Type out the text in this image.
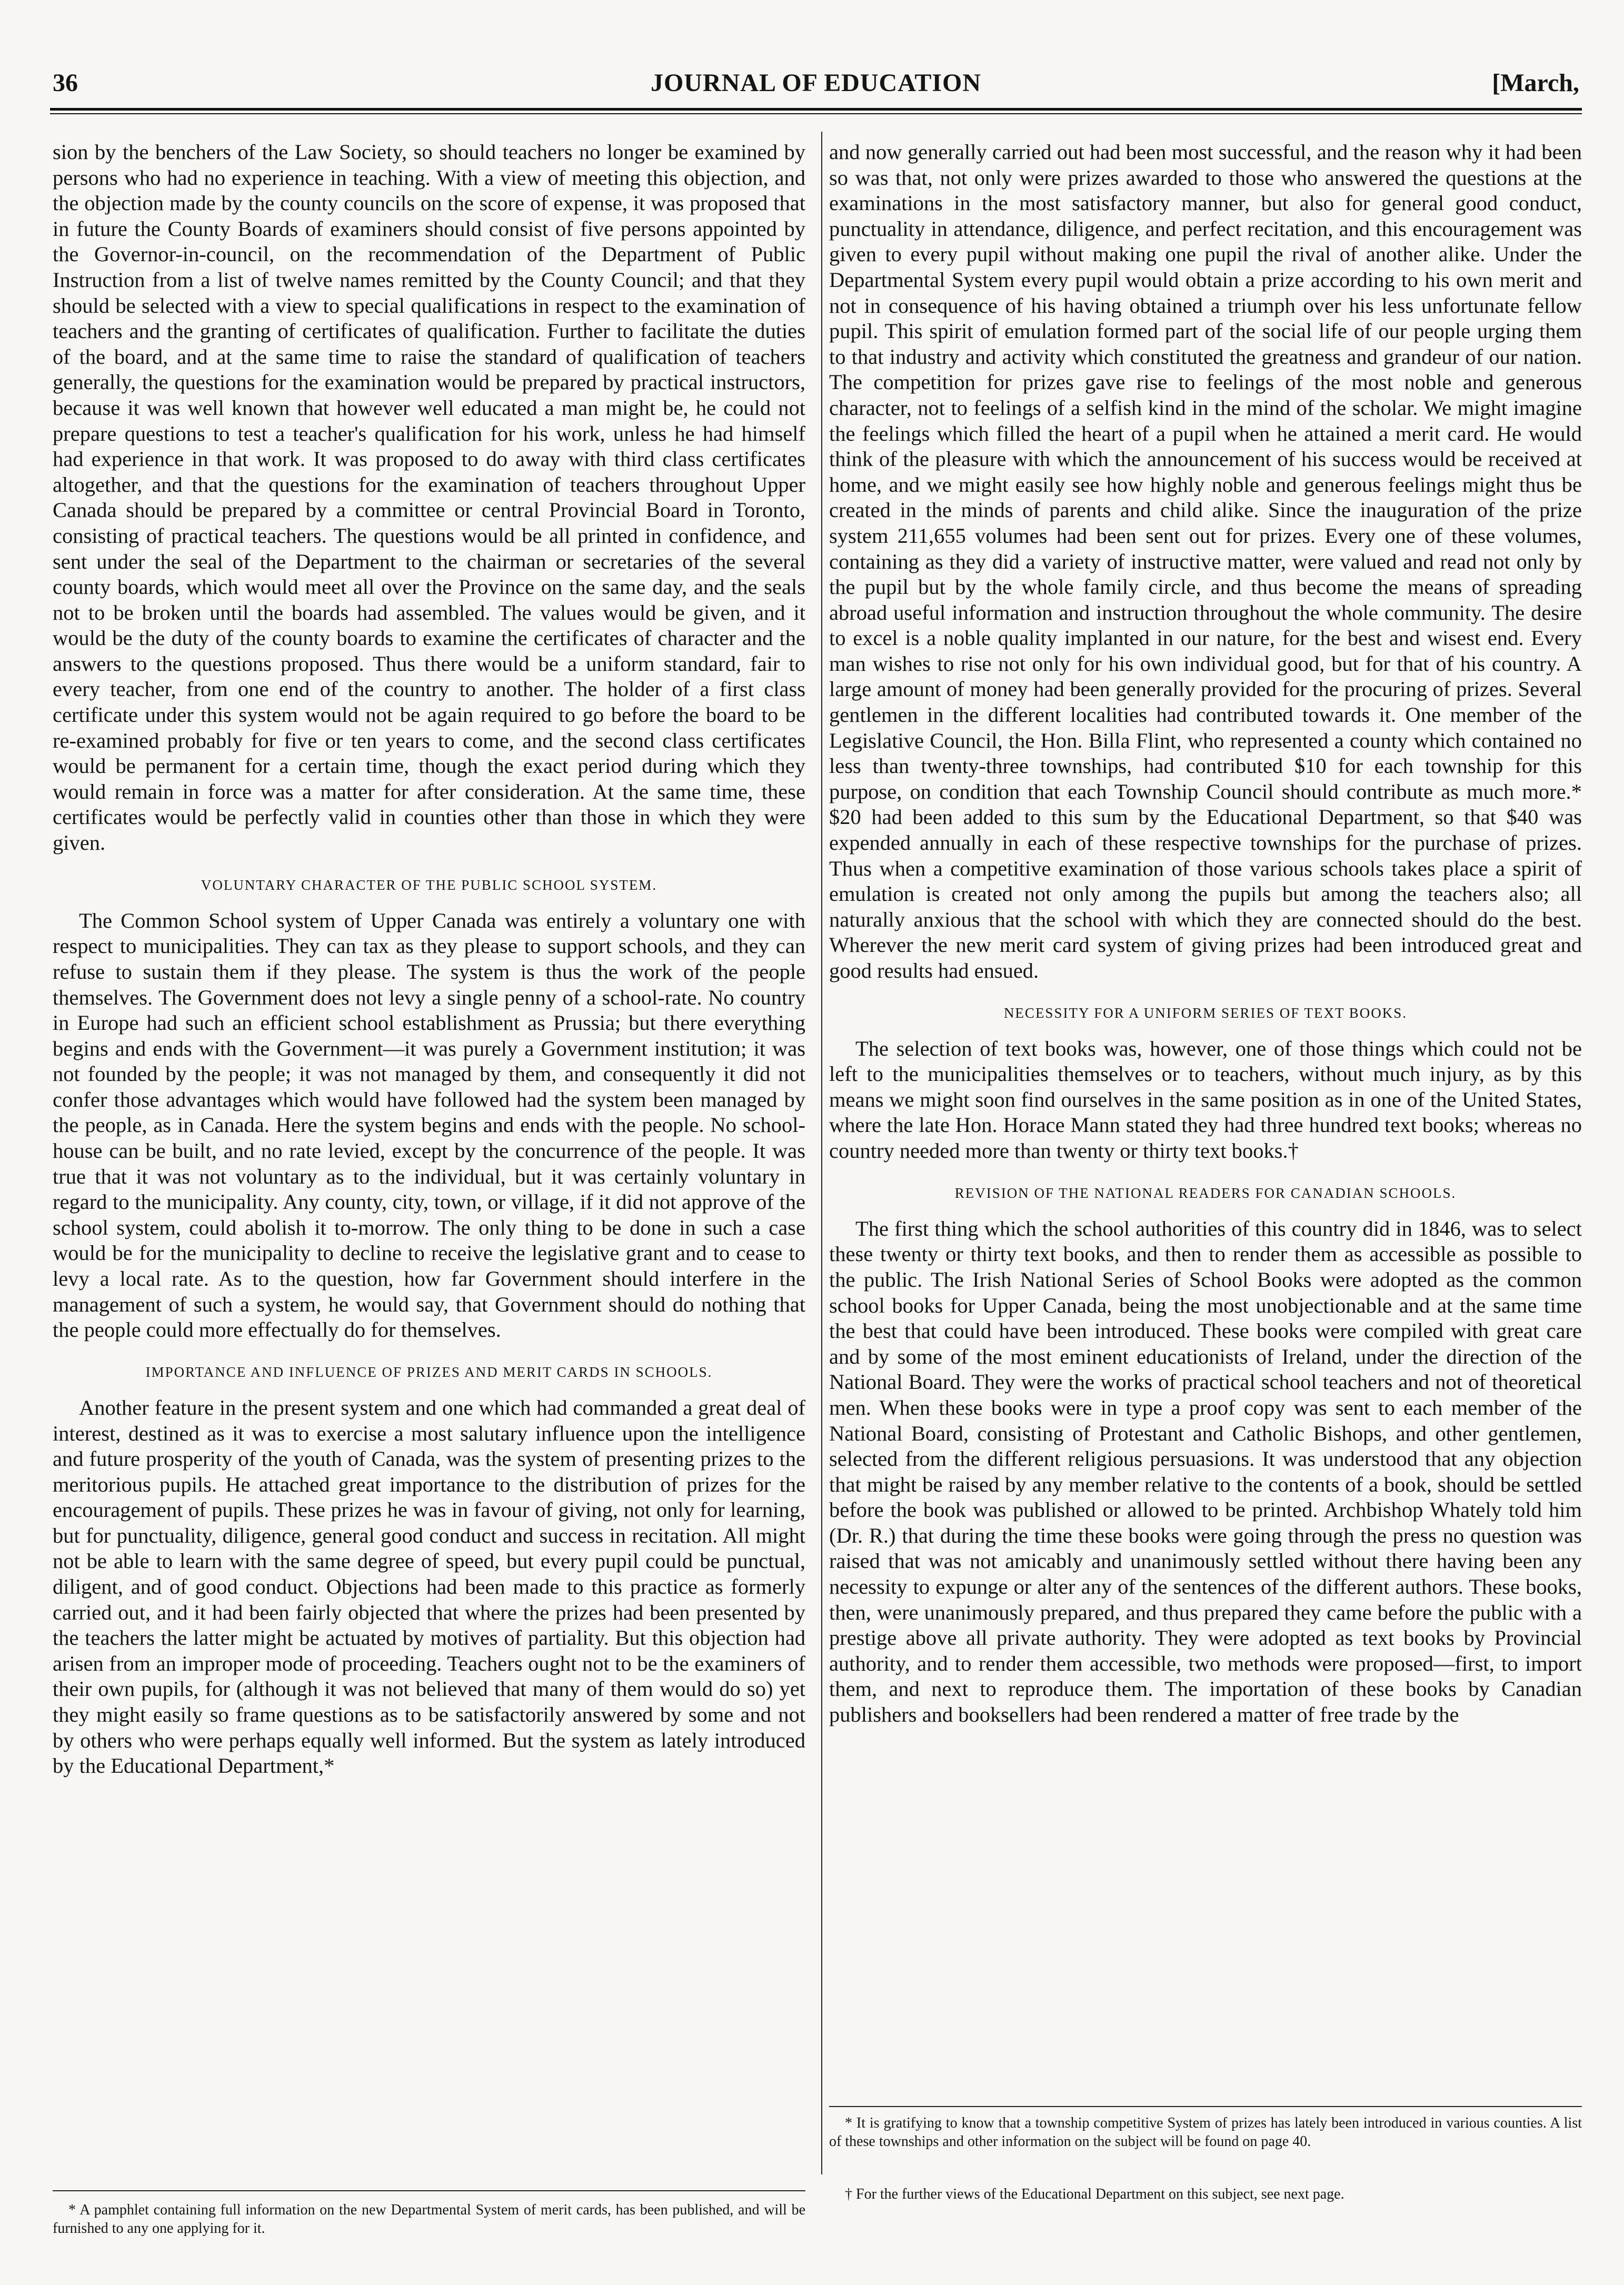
36	JOURNAL OF EDUCATION	[March,

sion by the benchers of the Law Society, so should teachers no longer be examined by persons who had no experience in teaching. With a view of meeting this objection, and the objection made by the county councils on the score of expense, it was proposed that in future the County Boards of examiners should consist of five persons appointed by the Governor-in-council, on the recommendation of the Department of Public Instruction from a list of twelve names remitted by the County Council; and that they should be selected with a view to special qualifications in respect to the examination of teachers and the granting of certificates of qualification. Further to facilitate the duties of the board, and at the same time to raise the standard of qualification of teachers generally, the questions for the examination would be prepared by practical instructors, because it was well known that however well educated a man might be, he could not prepare questions to test a teacher's qualification for his work, unless he had himself had experience in that work. It was proposed to do away with third class certificates altogether, and that the questions for the examination of teachers throughout Upper Canada should be prepared by a committee or central Provincial Board in Toronto, consisting of practical teachers. The questions would be all printed in confidence, and sent under the seal of the Department to the chairman or secretaries of the several county boards, which would meet all over the Province on the same day, and the seals not to be broken until the boards had assembled. The values would be given, and it would be the duty of the county boards to examine the certificates of character and the answers to the questions proposed. Thus there would be a uniform standard, fair to every teacher, from one end of the country to another. The holder of a first class certificate under this system would not be again required to go before the board to be re-examined probably for five or ten years to come, and the second class certificates would be permanent for a certain time, though the exact period during which they would remain in force was a matter for after consideration. At the same time, these certificates would be perfectly valid in counties other than those in which they were given.

VOLUNTARY CHARACTER OF THE PUBLIC SCHOOL SYSTEM.

The Common School system of Upper Canada was entirely a voluntary one with respect to municipalities. They can tax as they please to support schools, and they can refuse to sustain them if they please. The system is thus the work of the people themselves. The Government does not levy a single penny of a school-rate. No country in Europe had such an efficient school establishment as Prussia; but there everything begins and ends with the Government—it was purely a Government institution; it was not founded by the people; it was not managed by them, and consequently it did not confer those advantages which would have followed had the system been managed by the people, as in Canada. Here the system begins and ends with the people. No school-house can be built, and no rate levied, except by the concurrence of the people. It was true that it was not voluntary as to the individual, but it was certainly voluntary in regard to the municipality. Any county, city, town, or village, if it did not approve of the school system, could abolish it to-morrow. The only thing to be done in such a case would be for the municipality to decline to receive the legislative grant and to cease to levy a local rate. As to the question, how far Government should interfere in the management of such a system, he would say, that Government should do nothing that the people could more effectually do for themselves.

IMPORTANCE AND INFLUENCE OF PRIZES AND MERIT CARDS IN SCHOOLS.

Another feature in the present system and one which had commanded a great deal of interest, destined as it was to exercise a most salutary influence upon the intelligence and future prosperity of the youth of Canada, was the system of presenting prizes to the meritorious pupils. He attached great importance to the distribution of prizes for the encouragement of pupils. These prizes he was in favour of giving, not only for learning, but for punctuality, diligence, general good conduct and success in recitation. All might not be able to learn with the same degree of speed, but every pupil could be punctual, diligent, and of good conduct. Objections had been made to this practice as formerly carried out, and it had been fairly objected that where the prizes had been presented by the teachers the latter might be actuated by motives of partiality. But this objection had arisen from an improper mode of proceeding. Teachers ought not to be the examiners of their own pupils, for (although it was not believed that many of them would do so) yet they might easily so frame questions as to be satisfactorily answered by some and not by others who were perhaps equally well informed. But the system as lately introduced by the Educational Department,*

and now generally carried out had been most successful, and the reason why it had been so was that, not only were prizes awarded to those who answered the questions at the examinations in the most satisfactory manner, but also for general good conduct, punctuality in attendance, diligence, and perfect recitation, and this encouragement was given to every pupil without making one pupil the rival of another alike. Under the Departmental System every pupil would obtain a prize according to his own merit and not in consequence of his having obtained a triumph over his less unfortunate fellow pupil. This spirit of emulation formed part of the social life of our people urging them to that industry and activity which constituted the greatness and grandeur of our nation. The competition for prizes gave rise to feelings of the most noble and generous character, not to feelings of a selfish kind in the mind of the scholar. We might imagine the feelings which filled the heart of a pupil when he attained a merit card. He would think of the pleasure with which the announcement of his success would be received at home, and we might easily see how highly noble and generous feelings might thus be created in the minds of parents and child alike. Since the inauguration of the prize system 211,655 volumes had been sent out for prizes. Every one of these volumes, containing as they did a variety of instructive matter, were valued and read not only by the pupil but by the whole family circle, and thus become the means of spreading abroad useful information and instruction throughout the whole community. The desire to excel is a noble quality implanted in our nature, for the best and wisest end. Every man wishes to rise not only for his own individual good, but for that of his country. A large amount of money had been generally provided for the procuring of prizes. Several gentlemen in the different localities had contributed towards it. One member of the Legislative Council, the Hon. Billa Flint, who represented a county which contained no less than twenty-three townships, had contributed $10 for each township for this purpose, on condition that each Township Council should contribute as much more.* $20 had been added to this sum by the Educational Department, so that $40 was expended annually in each of these respective townships for the purchase of prizes. Thus when a competitive examination of those various schools takes place a spirit of emulation is created not only among the pupils but among the teachers also; all naturally anxious that the school with which they are connected should do the best. Wherever the new merit card system of giving prizes had been introduced great and good results had ensued.

NECESSITY FOR A UNIFORM SERIES OF TEXT BOOKS.

The selection of text books was, however, one of those things which could not be left to the municipalities themselves or to teachers, without much injury, as by this means we might soon find ourselves in the same position as in one of the United States, where the late Hon. Horace Mann stated they had three hundred text books; whereas no country needed more than twenty or thirty text books.†

REVISION OF THE NATIONAL READERS FOR CANADIAN SCHOOLS.

The first thing which the school authorities of this country did in 1846, was to select these twenty or thirty text books, and then to render them as accessible as possible to the public. The Irish National Series of School Books were adopted as the common school books for Upper Canada, being the most unobjectionable and at the same time the best that could have been introduced. These books were compiled with great care and by some of the most eminent educationists of Ireland, under the direction of the National Board. They were the works of practical school teachers and not of theoretical men. When these books were in type a proof copy was sent to each member of the National Board, consisting of Protestant and Catholic Bishops, and other gentlemen, selected from the different religious persuasions. It was understood that any objection that might be raised by any member relative to the contents of a book, should be settled before the book was published or allowed to be printed. Archbishop Whately told him (Dr. R.) that during the time these books were going through the press no question was raised that was not amicably and unanimously settled without there having been any necessity to expunge or alter any of the sentences of the different authors. These books, then, were unanimously prepared, and thus prepared they came before the public with a prestige above all private authority. They were adopted as text books by Provincial authority, and to render them accessible, two methods were proposed—first, to import them, and next to reproduce them. The importation of these books by Canadian publishers and booksellers had been rendered a matter of free trade by the

* A pamphlet containing full information on the new Departmental System of merit cards, has been published, and will be furnished to any one applying for it.
* It is gratifying to know that a township competitive System of prizes has lately been introduced in various counties. A list of these townships and other information on the subject will be found on page 40.
† For the further views of the Educational Department on this subject, see next page.
